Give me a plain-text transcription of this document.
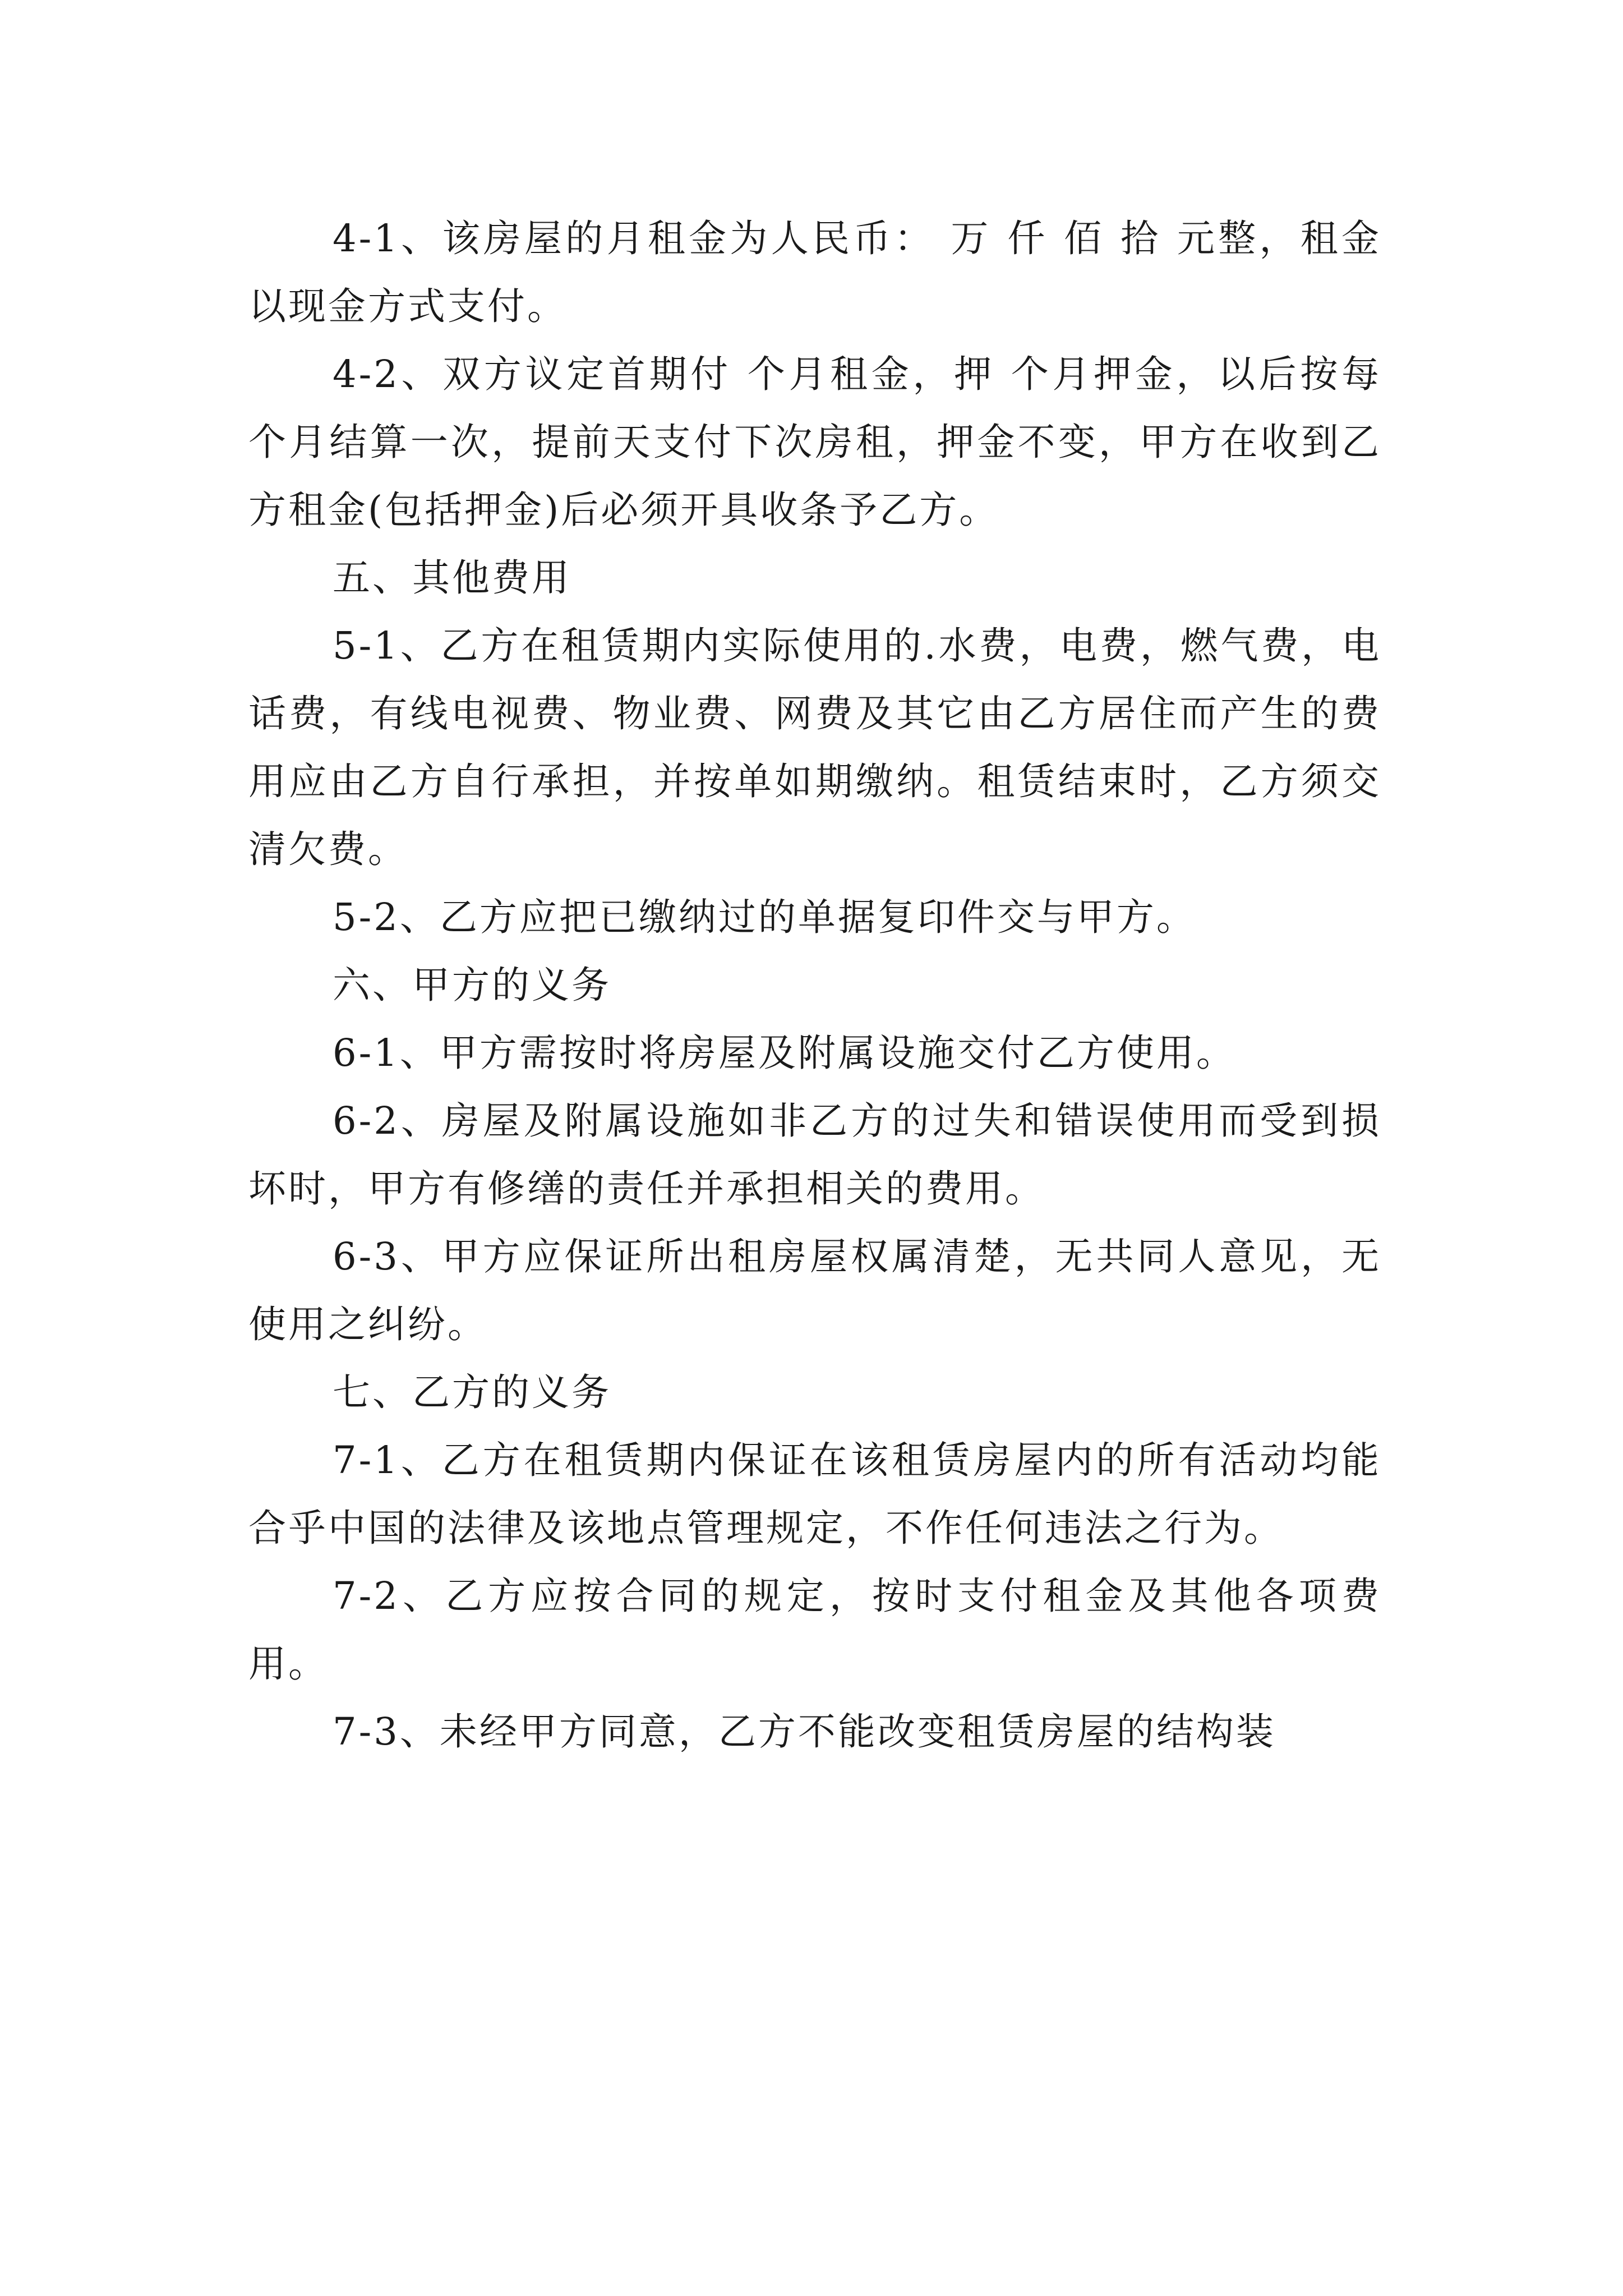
4-1、该房屋的月租金为人民币： 万 仟 佰 拾 元整，租金以现金方式支付。

4-2、双方议定首期付 个月租金，押 个月押金，以后按每 个月结算一次，提前天支付下次房租，押金不变，甲方在收到乙方租金(包括押金)后必须开具收条予乙方。

五、其他费用

5-1、乙方在租赁期内实际使用的.水费，电费，燃气费，电话费，有线电视费、物业费、网费及其它由乙方居住而产生的费用应由乙方自行承担，并按单如期缴纳。租赁结束时，乙方须交清欠费。

5-2、乙方应把已缴纳过的单据复印件交与甲方。

六、甲方的义务

6-1、甲方需按时将房屋及附属设施交付乙方使用。

6-2、房屋及附属设施如非乙方的过失和错误使用而受到损坏时，甲方有修缮的责任并承担相关的费用。

6-3、甲方应保证所出租房屋权属清楚，无共同人意见，无使用之纠纷。

七、乙方的义务

7-1、乙方在租赁期内保证在该租赁房屋内的所有活动均能合乎中国的法律及该地点管理规定，不作任何违法之行为。

7-2、乙方应按合同的规定，按时支付租金及其他各项费用。

7-3、未经甲方同意，乙方不能改变租赁房屋的结构装
